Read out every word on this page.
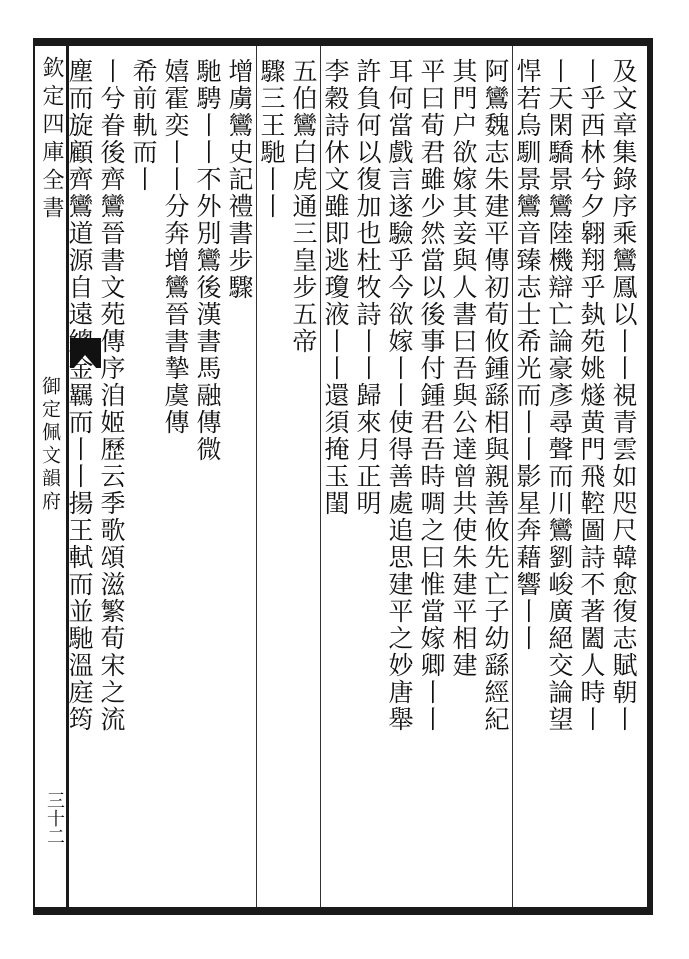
欽定四庫全書
御定佩文韻府
三十二
及文章集錄序乘鸞鳳以丨丨視青雲如咫尺韓愈復志賦朝丨
丨乎西林兮夕翱翔乎埶苑姚燧黄門飛鞚圖詩不著闔人時丨
丨天閑驕景鸞陸機辯亡論豪彥尋聲而川鸞劉峻廣絕交論望
悍若烏馴景鸞音臻志士希光而丨丨影星奔藉響丨丨
阿鸞魏志朱建平傳初荀攸鍾繇相與親善攸先亡子幼繇經紀
其門户欲嫁其妾與人書曰吾與公達曾共使朱建平相建
平曰荀君雖少然當以後事付鍾君吾時啁之曰惟當嫁卿丨丨
耳何當戲言遂驗乎今欲嫁丨丨使得善處追思建平之妙唐舉
許負何以復加也杜牧詩丨丨歸來月正明
李穀詩休文雖即逃瓊液丨丨還須掩玉閨
五伯鸞白虎通三皇步五帝
驟三王馳丨丨
增虜鸞史記禮書步驟
馳騁丨丨不外別鸞後漢書馬融傳微
嬉霍奕丨丨分奔增鸞晉書摯虞傳
希前軌而丨
丨兮眷後齊鸞晉書文苑傳序洎姬歷云季歌頌滋繁荀宋之流
塵而旋顧齊鸞道源自遠總金羈而丨丨揚王軾而並馳溫庭筠
